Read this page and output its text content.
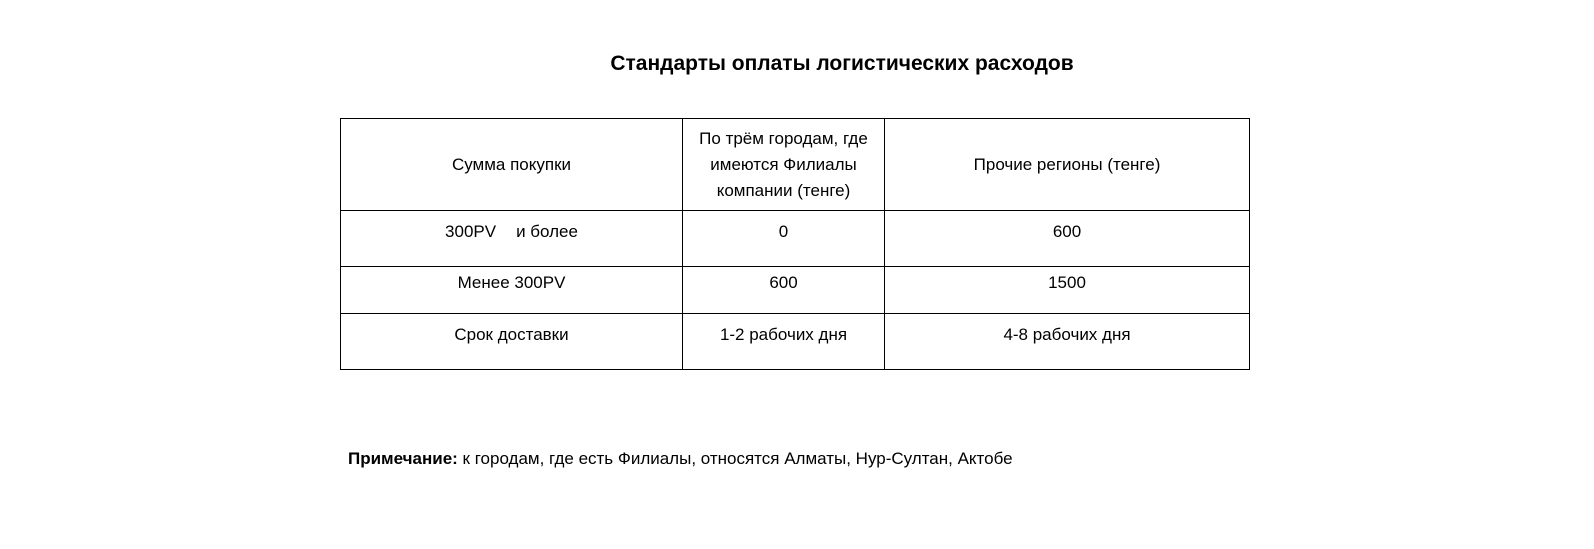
Стандарты оплаты логистических расходов
Сумма покупки	По трём городам, где
имеются Филиалы
компании (тенге)	Прочие регионы (тенге)
300PV и более	0	600
Менее 300PV	600	1500
Срок доставки	1-2 рабочих дня	4-8 рабочих дня
Примечание: к городам, где есть Филиалы, относятся Алматы, Нур-Султан, Актобе
